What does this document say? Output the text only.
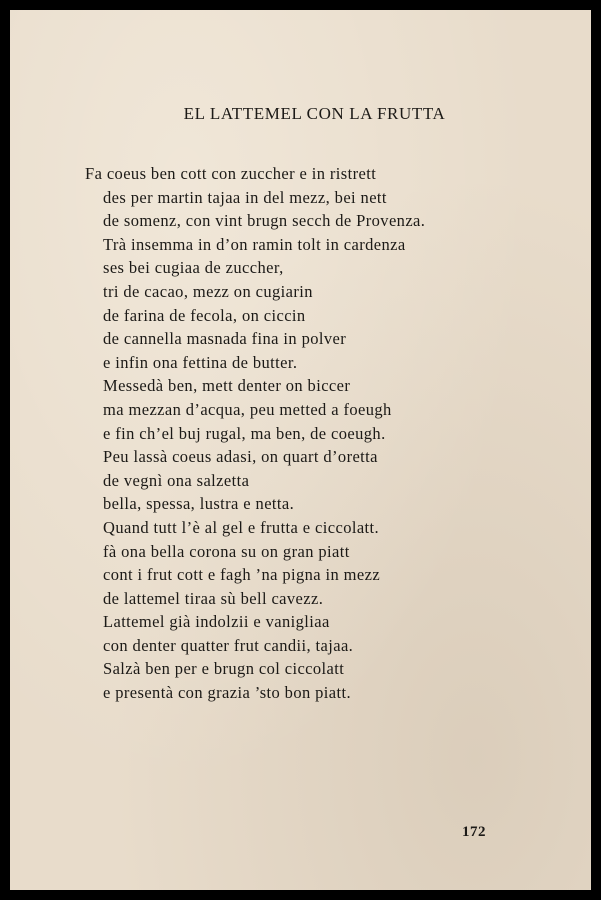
EL LATTEMEL CON LA FRUTTA
Fa coeus ben cott con zuccher e in ristrett
des per martin tajaa in del mezz, bei nett
de somenz, con vint brugn secch de Provenza.
Trà insemma in d’on ramin tolt in cardenza
ses bei cugiaa de zuccher,
tri de cacao, mezz on cugiarin
de farina de fecola, on ciccin
de cannella masnada fina in polver
e infin ona fettina de butter.
Messedà ben, mett denter on biccer
ma mezzan d’acqua, peu metted a foeugh
e fin ch’el buj rugal, ma ben, de coeugh.
Peu lassà coeus adasi, on quart d’oretta
de vegnì ona salzetta
bella, spessa, lustra e netta.
Quand tutt l’è al gel e frutta e ciccolatt.
fà ona bella corona su on gran piatt
cont i frut cott e fagh ’na pigna in mezz
de lattemel tiraa sù bell cavezz.
Lattemel già indolzii e vanigliaa
con denter quatter frut candii, tajaa.
Salzà ben per e brugn col ciccolatt
e presentà con grazia ’sto bon piatt.
172
